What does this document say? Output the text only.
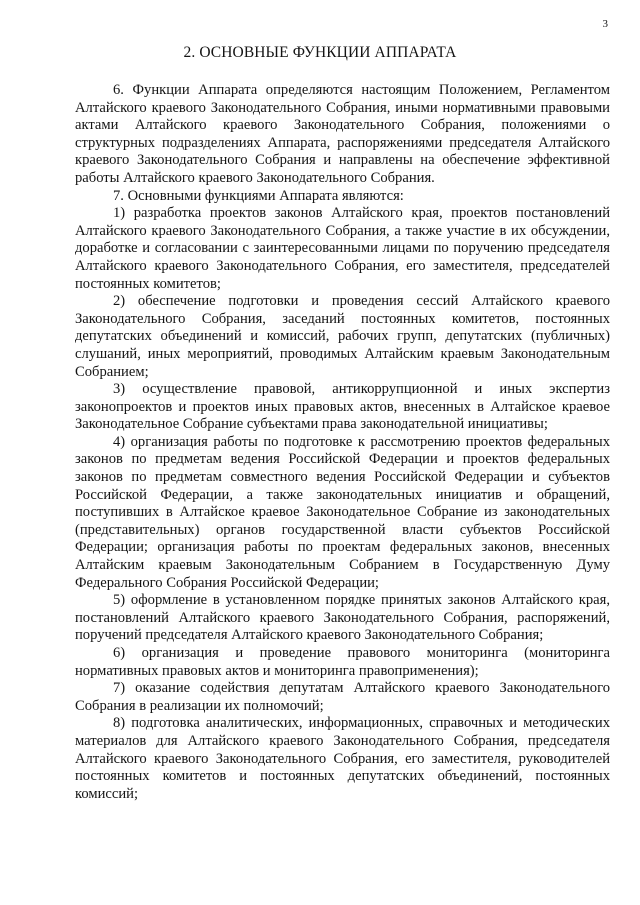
3
2. ОСНОВНЫЕ ФУНКЦИИ АППАРАТА

6. Функции Аппарата определяются настоящим Положением, Регламентом Алтайского краевого Законодательного Собрания, иными нормативными правовыми актами Алтайского краевого Законодательного Собрания, положениями о структурных подразделениях Аппарата, распоряжениями председателя Алтайского краевого Законодательного Собрания и направлены на обеспечение эффективной работы Алтайского краевого Законодательного Собрания.

7. Основными функциями Аппарата являются:

1) разработка проектов законов Алтайского края, проектов постановлений Алтайского краевого Законодательного Собрания, а также участие в их обсуждении, доработке и согласовании с заинтересованными лицами по поручению председателя Алтайского краевого Законодательного Собрания, его заместителя, председателей постоянных комитетов;

2) обеспечение подготовки и проведения сессий Алтайского краевого Законодательного Собрания, заседаний постоянных комитетов, постоянных депутатских объединений и комиссий, рабочих групп, депутатских (публичных) слушаний, иных мероприятий, проводимых Алтайским краевым Законодательным Собранием;

3) осуществление правовой, антикоррупционной и иных экспертиз законопроектов и проектов иных правовых актов, внесенных в Алтайское краевое Законодательное Собрание субъектами права законодательной инициативы;

4) организация работы по подготовке к рассмотрению проектов федеральных законов по предметам ведения Российской Федерации и проектов федеральных законов по предметам совместного ведения Российской Федерации и субъектов Российской Федерации, а также законодательных инициатив и обращений, поступивших в Алтайское краевое Законодательное Собрание из законодательных (представительных) органов государственной власти субъектов Российской Федерации; организация работы по проектам федеральных законов, внесенных Алтайским краевым Законодательным Собранием в Государственную Думу Федерального Собрания Российской Федерации;

5) оформление в установленном порядке принятых законов Алтайского края, постановлений Алтайского краевого Законодательного Собрания, распоряжений, поручений председателя Алтайского краевого Законодательного Собрания;

6) организация и проведение правового мониторинга (мониторинга нормативных правовых актов и мониторинга правоприменения);

7) оказание содействия депутатам Алтайского краевого Законодательного Собрания в реализации их полномочий;

8) подготовка аналитических, информационных, справочных и методических материалов для Алтайского краевого Законодательного Собрания, председателя Алтайского краевого Законодательного Собрания, его заместителя, руководителей постоянных комитетов и постоянных депутатских объединений, постоянных комиссий;
